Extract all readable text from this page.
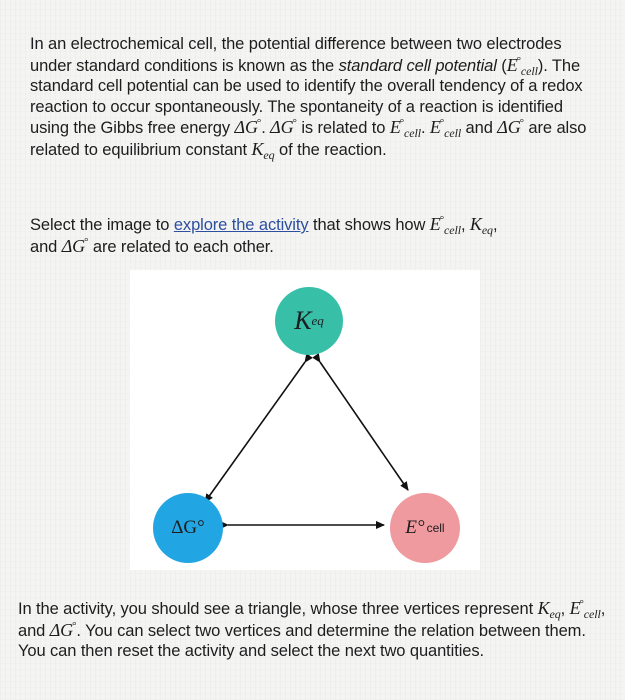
In an electrochemical cell, the potential difference between two electrodes under standard conditions is known as the standard cell potential $(E^\circ_{cell})$. The standard cell potential can be used to identify the overall tendency of a redox reaction to occur spontaneously. The spontaneity of a reaction is identified using the Gibbs free energy ΔG°. ΔG° is related to $E^\circ_{cell}$. $E^\circ_{cell}$ and ΔG° are also related to equilibrium constant $K_{eq}$ of the reaction.
Select the image to explore the activity that shows how $E^\circ_{cell}$, $K_{eq}$,
and ΔG° are related to each other.
K eq
ΔG°	E° cell
In the activity, you should see a triangle, whose three vertices represent $K_{eq}$, $E^\circ_{cell}$, and ΔG°. You can select two vertices and determine the relation between them. You can then reset the activity and select the next two quantities.
